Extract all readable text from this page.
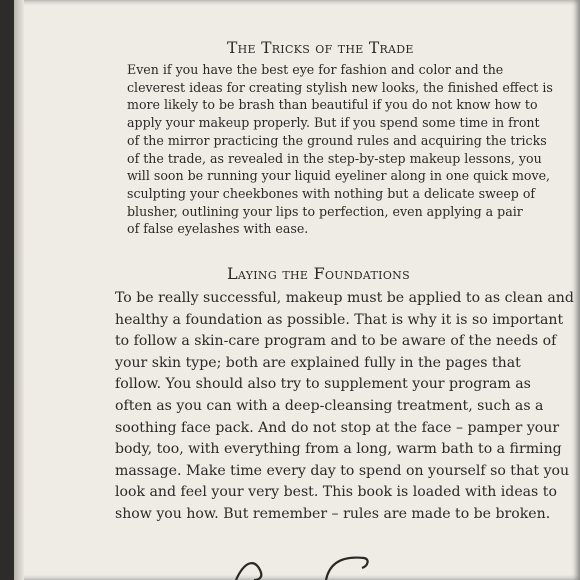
The Tricks of the Trade

Even if you have the best eye for fashion and color and the
cleverest ideas for creating stylish new looks, the finished effect is
more likely to be brash than beautiful if you do not know how to
apply your makeup properly. But if you spend some time in front
of the mirror practicing the ground rules and acquiring the tricks
of the trade, as revealed in the step-by-step makeup lessons, you
will soon be running your liquid eyeliner along in one quick move,
sculpting your cheekbones with nothing but a delicate sweep of
blusher, outlining your lips to perfection, even applying a pair
of false eyelashes with ease.

Laying the Foundations

To be really successful, makeup must be applied to as clean and
healthy a foundation as possible. That is why it is so important
to follow a skin-care program and to be aware of the needs of
your skin type; both are explained fully in the pages that
follow. You should also try to supplement your program as
often as you can with a deep-cleansing treatment, such as a
soothing face pack. And do not stop at the face – pamper your
body, too, with everything from a long, warm bath to a firming
massage. Make time every day to spend on yourself so that you
look and feel your very best. This book is loaded with ideas to
show you how. But remember – rules are made to be broken.
